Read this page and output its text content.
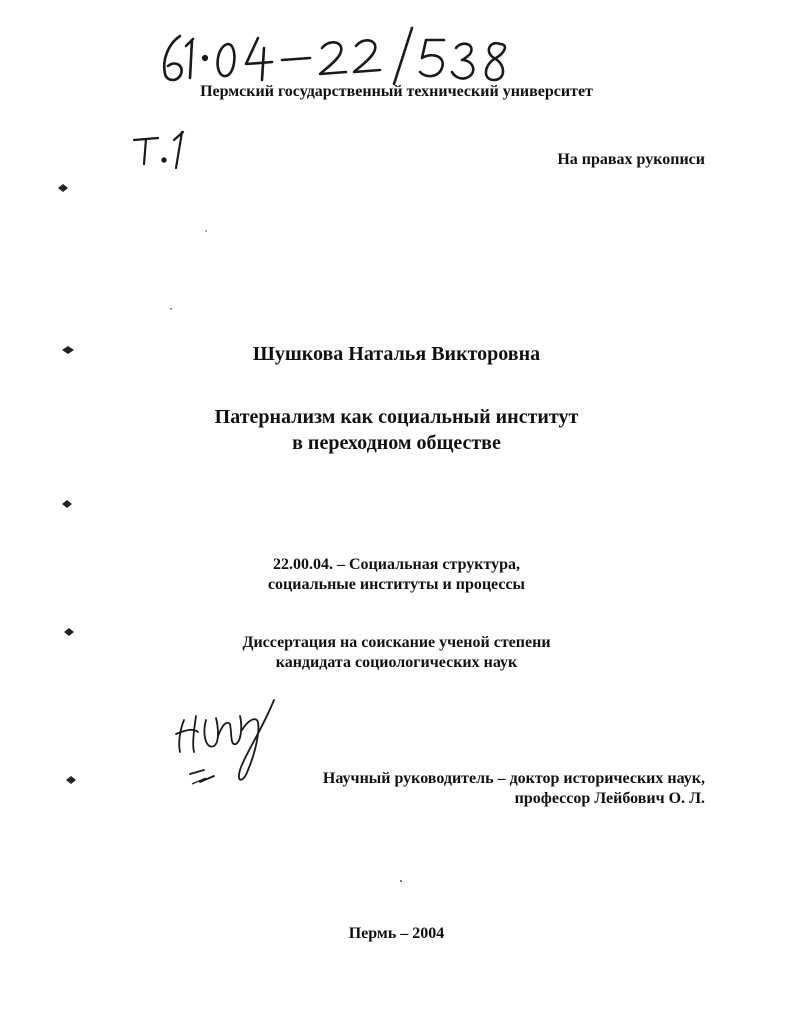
Пермский государственный технический университет
На правах рукописи
Шушкова Наталья Викторовна
Патернализм как социальный институт
в переходном обществе
22.00.04. – Социальная структура,
социальные институты и процессы
Диссертация на соискание ученой степени
кандидата социологических наук
Научный руководитель – доктор исторических наук,
профессор Лейбович О. Л.
Пермь – 2004
